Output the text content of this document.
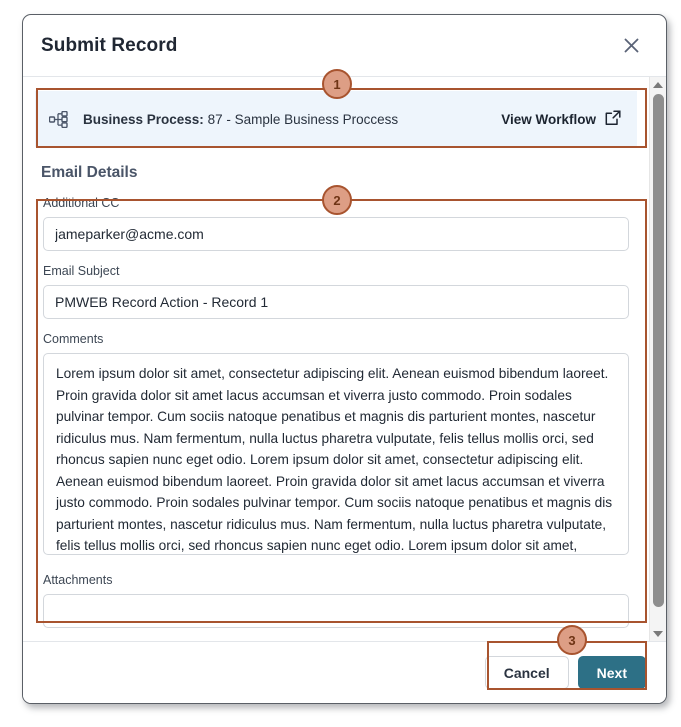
Submit Record
Business Process: 87 - Sample Business Proccess	View Workflow
Email Details
Additional CC
jameparker@acme.com
Email Subject
PMWEB Record Action - Record 1
Comments
Lorem ipsum dolor sit amet, consectetur adipiscing elit. Aenean euismod bibendum laoreet. Proin gravida dolor sit amet lacus accumsan et viverra justo commodo. Proin sodales pulvinar tempor. Cum sociis natoque penatibus et magnis dis parturient montes, nascetur ridiculus mus. Nam fermentum, nulla luctus pharetra vulputate, felis tellus mollis orci, sed rhoncus sapien nunc eget odio. Lorem ipsum dolor sit amet, consectetur adipiscing elit. Aenean euismod bibendum laoreet. Proin gravida dolor sit amet lacus accumsan et viverra justo commodo. Proin sodales pulvinar tempor. Cum sociis natoque penatibus et magnis dis parturient montes, nascetur ridiculus mus. Nam fermentum, nulla luctus pharetra vulputate, felis tellus mollis orci, sed rhoncus sapien nunc eget odio. Lorem ipsum dolor sit amet, consectetur adipiscing elit.
Attachments
Cancel	Next
1
2
3
